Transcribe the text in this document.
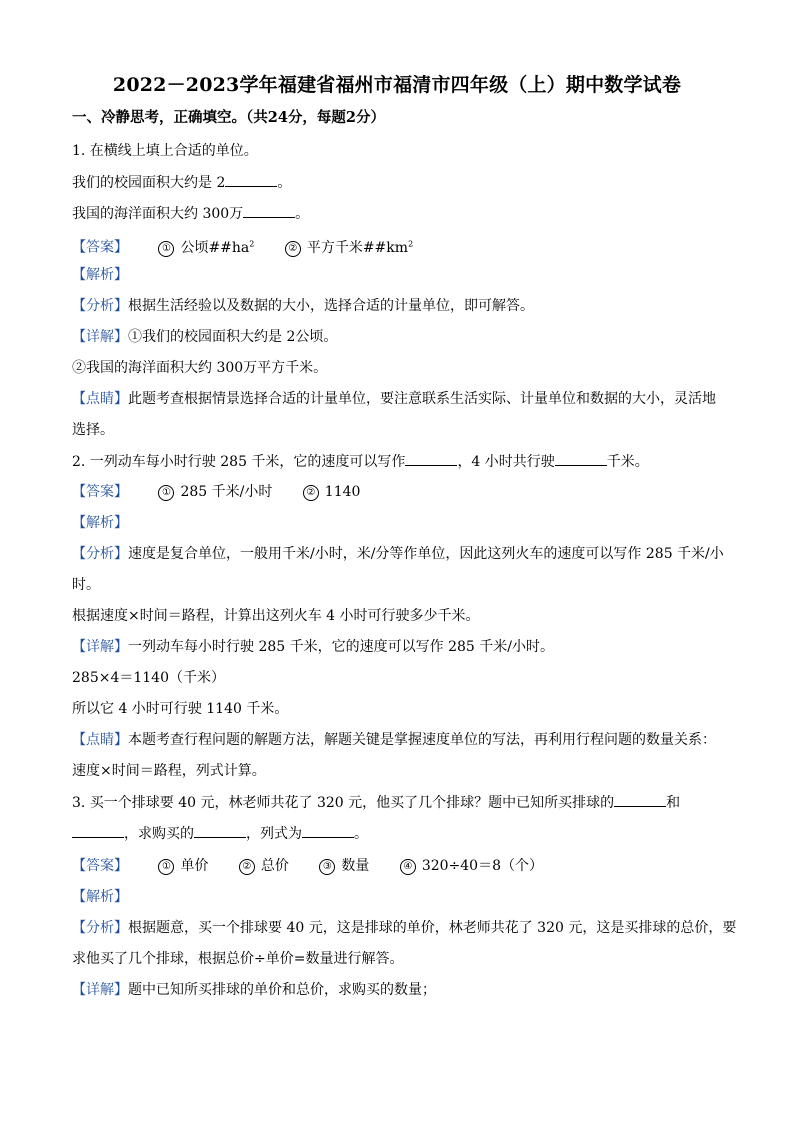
2022－2023学年福建省福州市福清市四年级（上）期中数学试卷
一、冷静思考，正确填空。（共24分，每题2分）
1. 在横线上填上合适的单位。
我们的校园面积大约是 2	。
我国的海洋面积大约 300万	。
【答案】	① 公顷$\#\#ha^2$	② 平方千米$\#\#km^2$
【解析】
【分析】根据生活经验以及数据的大小，选择合适的计量单位，即可解答。
【详解】①我们的校园面积大约是 2公顷。
②我国的海洋面积大约 300万平方千米。
【点睛】此题考查根据情景选择合适的计量单位，要注意联系生活实际、计量单位和数据的大小，灵活地
选择。
2. 一列动车每小时行驶 285 千米，它的速度可以写作	，4 小时共行驶	千米。
【答案】	① 285 千米/小时	② 1140
【解析】
【分析】速度是复合单位，一般用千米/小时，米/分等作单位，因此这列火车的速度可以写作 285 千米/小
时。
根据速度×时间＝路程，计算出这列火车 4 小时可行驶多少千米。
【详解】一列动车每小时行驶 285 千米，它的速度可以写作 285 千米/小时。
285×4＝1140（千米）
所以它 4 小时可行驶 1140 千米。
【点睛】本题考查行程问题的解题方法，解题关键是掌握速度单位的写法，再利用行程问题的数量关系：
速度×时间＝路程，列式计算。
3. 买一个排球要 40 元，林老师共花了 320 元，他买了几个排球？题中已知所买排球的	和
，求购买的	，列式为	。
【答案】	① 单价	② 总价	③ 数量	④ 320÷40＝8（个）
【解析】
【分析】根据题意，买一个排球要 40 元，这是排球的单价，林老师共花了 320 元，这是买排球的总价，要
求他买了几个排球，根据总价÷单价=数量进行解答。
【详解】题中已知所买排球的单价和总价，求购买的数量；
